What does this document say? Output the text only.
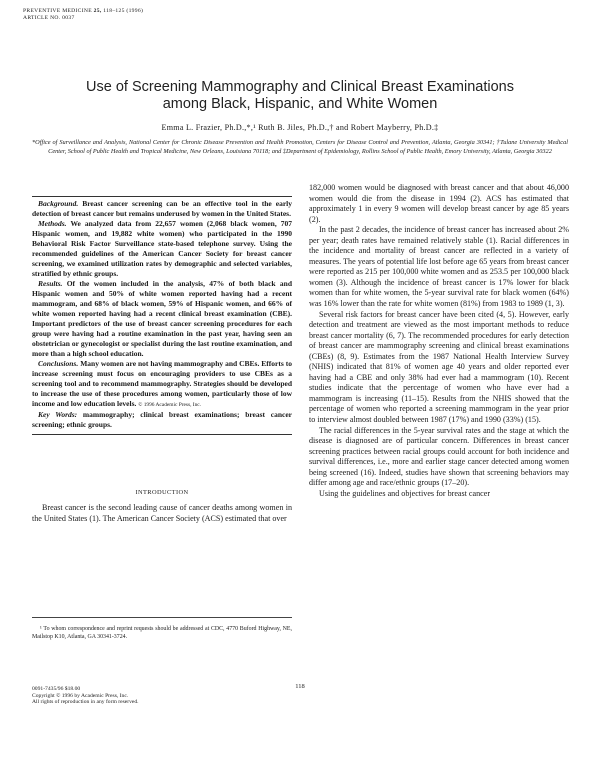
PREVENTIVE MEDICINE 25, 118–125 (1996)
ARTICLE NO. 0037
Use of Screening Mammography and Clinical Breast Examinations
among Black, Hispanic, and White Women
Emma L. Frazier, Ph.D.,*,¹ Ruth B. Jiles, Ph.D.,† and Robert Mayberry, Ph.D.‡
*Office of Surveillance and Analysis, National Center for Chronic Disease Prevention and Health Promotion, Centers for Disease Control and Prevention, Atlanta, Georgia 30341; †Tulane University Medical Center, School of Public Health and Tropical Medicine, New Orleans, Louisiana 70118; and ‡Department of Epidemiology, Rollins School of Public Health, Emory University, Atlanta, Georgia 30322

Background. Breast cancer screening can be an effective tool in the early detection of breast cancer but remains underused by women in the United States.

Methods. We analyzed data from 22,657 women (2,068 black women, 707 Hispanic women, and 19,882 white women) who participated in the 1990 Behavioral Risk Factor Surveillance state-based telephone survey. Using the recommended guidelines of the American Cancer Society for breast cancer screening, we examined utilization rates by demographic and selected variables, stratified by ethnic groups.

Results. Of the women included in the analysis, 47% of both black and Hispanic women and 50% of white women reported having had a recent mammogram, and 68% of black women, 59% of Hispanic women, and 66% of white women reported having had a recent clinical breast examination (CBE). Important predictors of the use of breast cancer screening procedures for each group were having had a routine examination in the past year, having seen an obstetrician or gynecologist or specialist during the last routine examination, and more than a high school education.

Conclusions. Many women are not having mammography and CBEs. Efforts to increase screening must focus on encouraging providers to use CBEs as a screening tool and to recommend mammography. Strategies should be developed to increase the use of these procedures among women, particularly those of low income and low education levels. © 1996 Academic Press, Inc.

Key Words: mammography; clinical breast examinations; breast cancer screening; ethnic groups.

INTRODUCTION

Breast cancer is the second leading cause of cancer deaths among women in the United States (1). The American Cancer Society (ACS) estimated that over

¹ To whom correspondence and reprint requests should be addressed at CDC, 4770 Buford Highway, NE, Mailstop K10, Atlanta, GA 30341-3724.

0091-7435/96 $18.00
Copyright © 1996 by Academic Press, Inc.
All rights of reproduction in any form reserved.
118

182,000 women would be diagnosed with breast cancer and that about 46,000 women would die from the disease in 1994 (2). ACS has estimated that approximately 1 in every 9 women will develop breast cancer by age 85 years (2).

In the past 2 decades, the incidence of breast cancer has increased about 2% per year; death rates have remained relatively stable (1). Racial differences in the incidence and mortality of breast cancer are reflected in a variety of measures. The years of potential life lost before age 65 years from breast cancer were reported as 215 per 100,000 white women and as 253.5 per 100,000 black women (3). Although the incidence of breast cancer is 17% lower for black women than for white women, the 5-year survival rate for black women (64%) was 16% lower than the rate for white women (81%) from 1983 to 1989 (1, 3).

Several risk factors for breast cancer have been cited (4, 5). However, early detection and treatment are viewed as the most important methods to reduce breast cancer mortality (6, 7). The recommended procedures for early detection of breast cancer are mammography screening and clinical breast examinations (CBEs) (8, 9). Estimates from the 1987 National Health Interview Survey (NHIS) indicated that 81% of women age 40 years and older reported ever having had a CBE and only 38% had ever had a mammogram (10). Recent studies indicate that the percentage of women who have ever had a mammogram is increasing (11–15). Results from the NHIS showed that the percentage of women who reported a screening mammogram in the year prior to interview almost doubled between 1987 (17%) and 1990 (33%) (15).

The racial differences in the 5-year survival rates and the stage at which the disease is diagnosed are of particular concern. Differences in breast cancer screening practices between racial groups could account for both incidence and survival differences, i.e., more and earlier stage cancer detected among women being screened (16). Indeed, studies have shown that screening behaviors may differ among age and race/ethnic groups (17–20).

Using the guidelines and objectives for breast cancer
